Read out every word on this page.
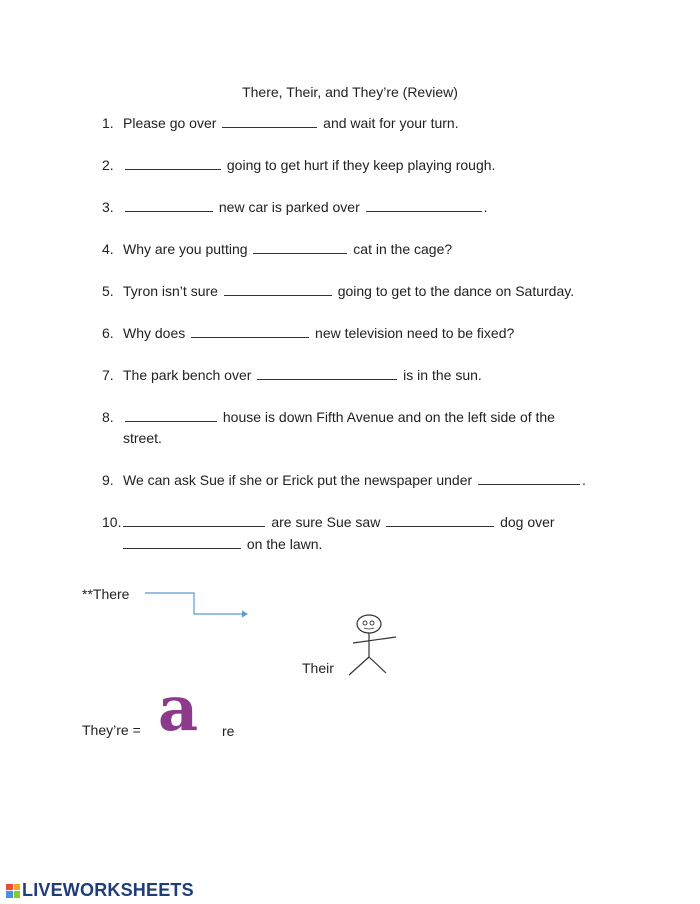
There, Their, and They’re (Review)
1. Please go over	and wait for your turn.
2.	going to get hurt if they keep playing rough.
3.	new car is parked over	.
4. Why are you putting	cat in the cage?
5. Tyron isn’t sure	going to get to the dance on Saturday.
6. Why does	new television need to be fixed?
7. The park bench over	is in the sun.
8.	house is down Fifth Avenue and on the left side of the
street.
9. We can ask Sue if she or Erick put the newspaper under	.
10.	are sure Sue saw	dog over
on the lawn.
**There
Their
They’re = a re
LIVEWORKSHEETS
